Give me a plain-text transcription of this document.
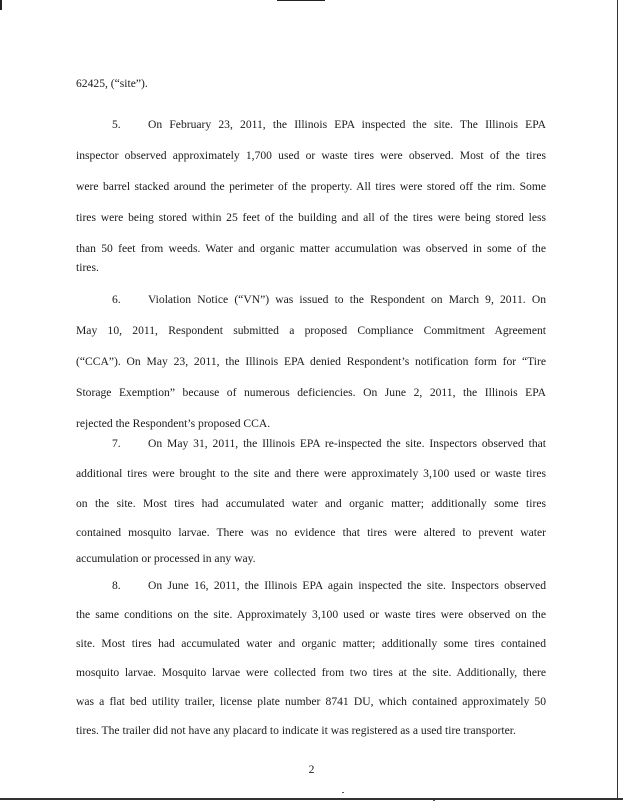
62425, (“site”).
5. On February 23, 2011, the Illinois EPA inspected the site. The Illinois EPA
inspector observed approximately 1,700 used or waste tires were observed. Most of the tires
were barrel stacked around the perimeter of the property. All tires were stored off the rim. Some
tires were being stored within 25 feet of the building and all of the tires were being stored less
than 50 feet from weeds. Water and organic matter accumulation was observed in some of the
tires.
6. Violation Notice (“VN”) was issued to the Respondent on March 9, 2011. On
May 10, 2011, Respondent submitted a proposed Compliance Commitment Agreement
(“CCA”). On May 23, 2011, the Illinois EPA denied Respondent’s notification form for “Tire
Storage Exemption” because of numerous deficiencies. On June 2, 2011, the Illinois EPA
rejected the Respondent’s proposed CCA.
7. On May 31, 2011, the Illinois EPA re-inspected the site. Inspectors observed that
additional tires were brought to the site and there were approximately 3,100 used or waste tires
on the site. Most tires had accumulated water and organic matter; additionally some tires
contained mosquito larvae. There was no evidence that tires were altered to prevent water
accumulation or processed in any way.
8. On June 16, 2011, the Illinois EPA again inspected the site. Inspectors observed
the same conditions on the site. Approximately 3,100 used or waste tires were observed on the
site. Most tires had accumulated water and organic matter; additionally some tires contained
mosquito larvae. Mosquito larvae were collected from two tires at the site. Additionally, there
was a flat bed utility trailer, license plate number 8741 DU, which contained approximately 50
tires. The trailer did not have any placard to indicate it was registered as a used tire transporter.
2
